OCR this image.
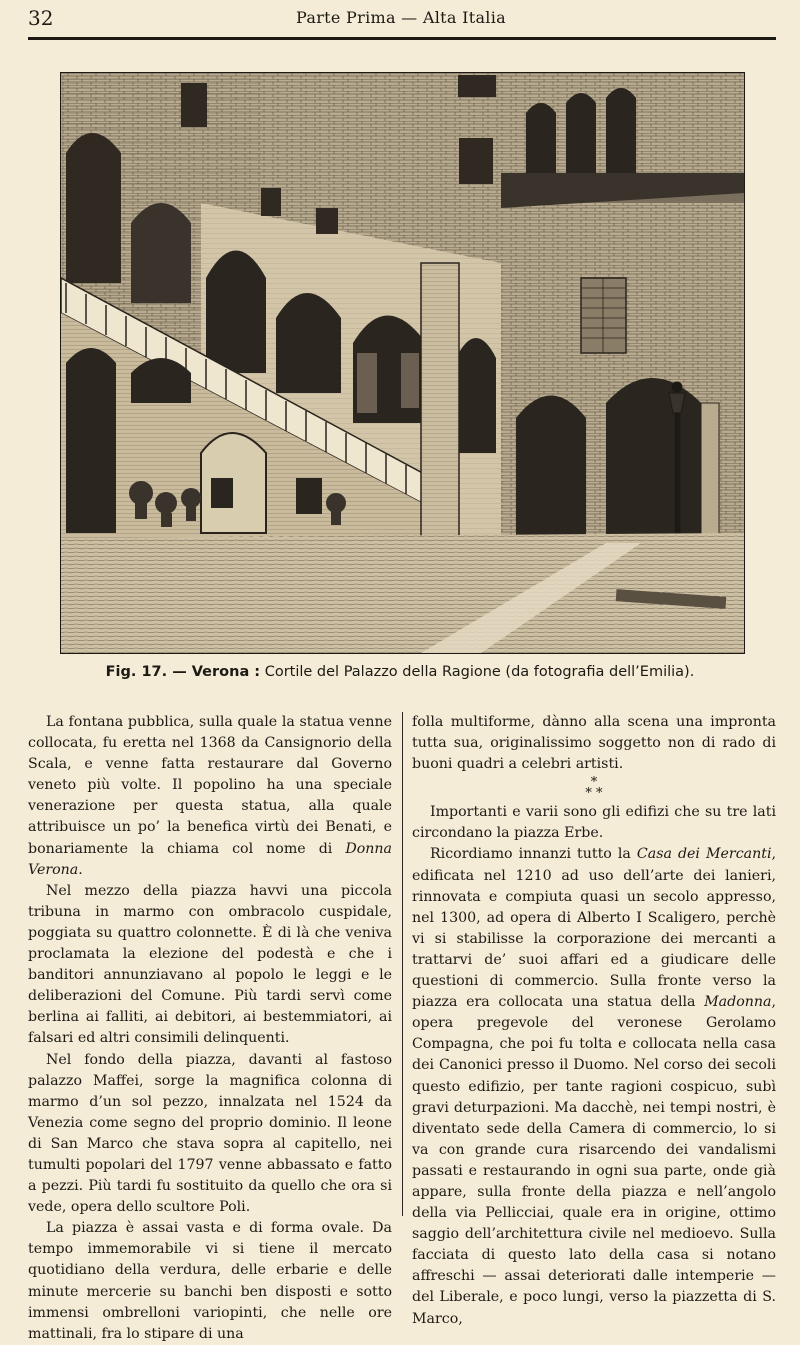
32	Parte Prima — Alta Italia
Fig. 17. — Verona : Cortile del Palazzo della Ragione (da fotografia dell’Emilia).

La fontana pubblica, sulla quale la statua venne collocata, fu eretta nel 1368 da Cansignorio della Scala, e venne fatta restaurare dal Governo veneto più volte. Il popolino ha una speciale venerazione per questa statua, alla quale attribuisce un po’ la benefica virtù dei Benati, e bonariamente la chiama col nome di Donna Verona.

Nel mezzo della piazza havvi una piccola tribuna in marmo con ombracolo cuspidale, poggiata su quattro colonnette. È di là che veniva proclamata la elezione del podestà e che i banditori annunziavano al popolo le leggi e le deliberazioni del Comune. Più tardi servì come berlina ai falliti, ai debitori, ai bestemmiatori, ai falsari ed altri consimili delinquenti.

Nel fondo della piazza, davanti al fastoso palazzo Maffei, sorge la magnifica colonna di marmo d’un sol pezzo, innalzata nel 1524 da Venezia come segno del proprio dominio. Il leone di San Marco che stava sopra al capitello, nei tumulti popolari del 1797 venne abbassato e fatto a pezzi. Più tardi fu sostituito da quello che ora si vede, opera dello scultore Poli.

La piazza è assai vasta e di forma ovale. Da tempo immemorabile vi si tiene il mercato quotidiano della verdura, delle erbarie e delle minute mercerie su banchi ben disposti e sotto immensi ombrelloni variopinti, che nelle ore mattinali, fra lo stipare di una

folla multiforme, dànno alla scena una impronta tutta sua, originalissimo soggetto non di rado di buoni quadri a celebri artisti.

*
* *

Importanti e varii sono gli edifizi che su tre lati circondano la piazza Erbe.

Ricordiamo innanzi tutto la Casa dei Mercanti, edificata nel 1210 ad uso dell’arte dei lanieri, rinnovata e compiuta quasi un secolo appresso, nel 1300, ad opera di Alberto I Scaligero, perchè vi si stabilisse la corporazione dei mercanti a trattarvi de’ suoi affari ed a giudicare delle questioni di commercio. Sulla fronte verso la piazza era collocata una statua della Madonna, opera pregevole del veronese Gerolamo Compagna, che poi fu tolta e collocata nella casa dei Canonici presso il Duomo. Nel corso dei secoli questo edifizio, per tante ragioni cospicuo, subì gravi deturpazioni. Ma dacchè, nei tempi nostri, è diventato sede della Camera di commercio, lo si va con grande cura risarcendo dei vandalismi passati e restaurando in ogni sua parte, onde già appare, sulla fronte della piazza e nell’angolo della via Pellicciai, quale era in origine, ottimo saggio dell’architettura civile nel medioevo. Sulla facciata di questo lato della casa si notano affreschi — assai deteriorati dalle intemperie — del Liberale, e poco lungi, verso la piazzetta di S. Marco,
